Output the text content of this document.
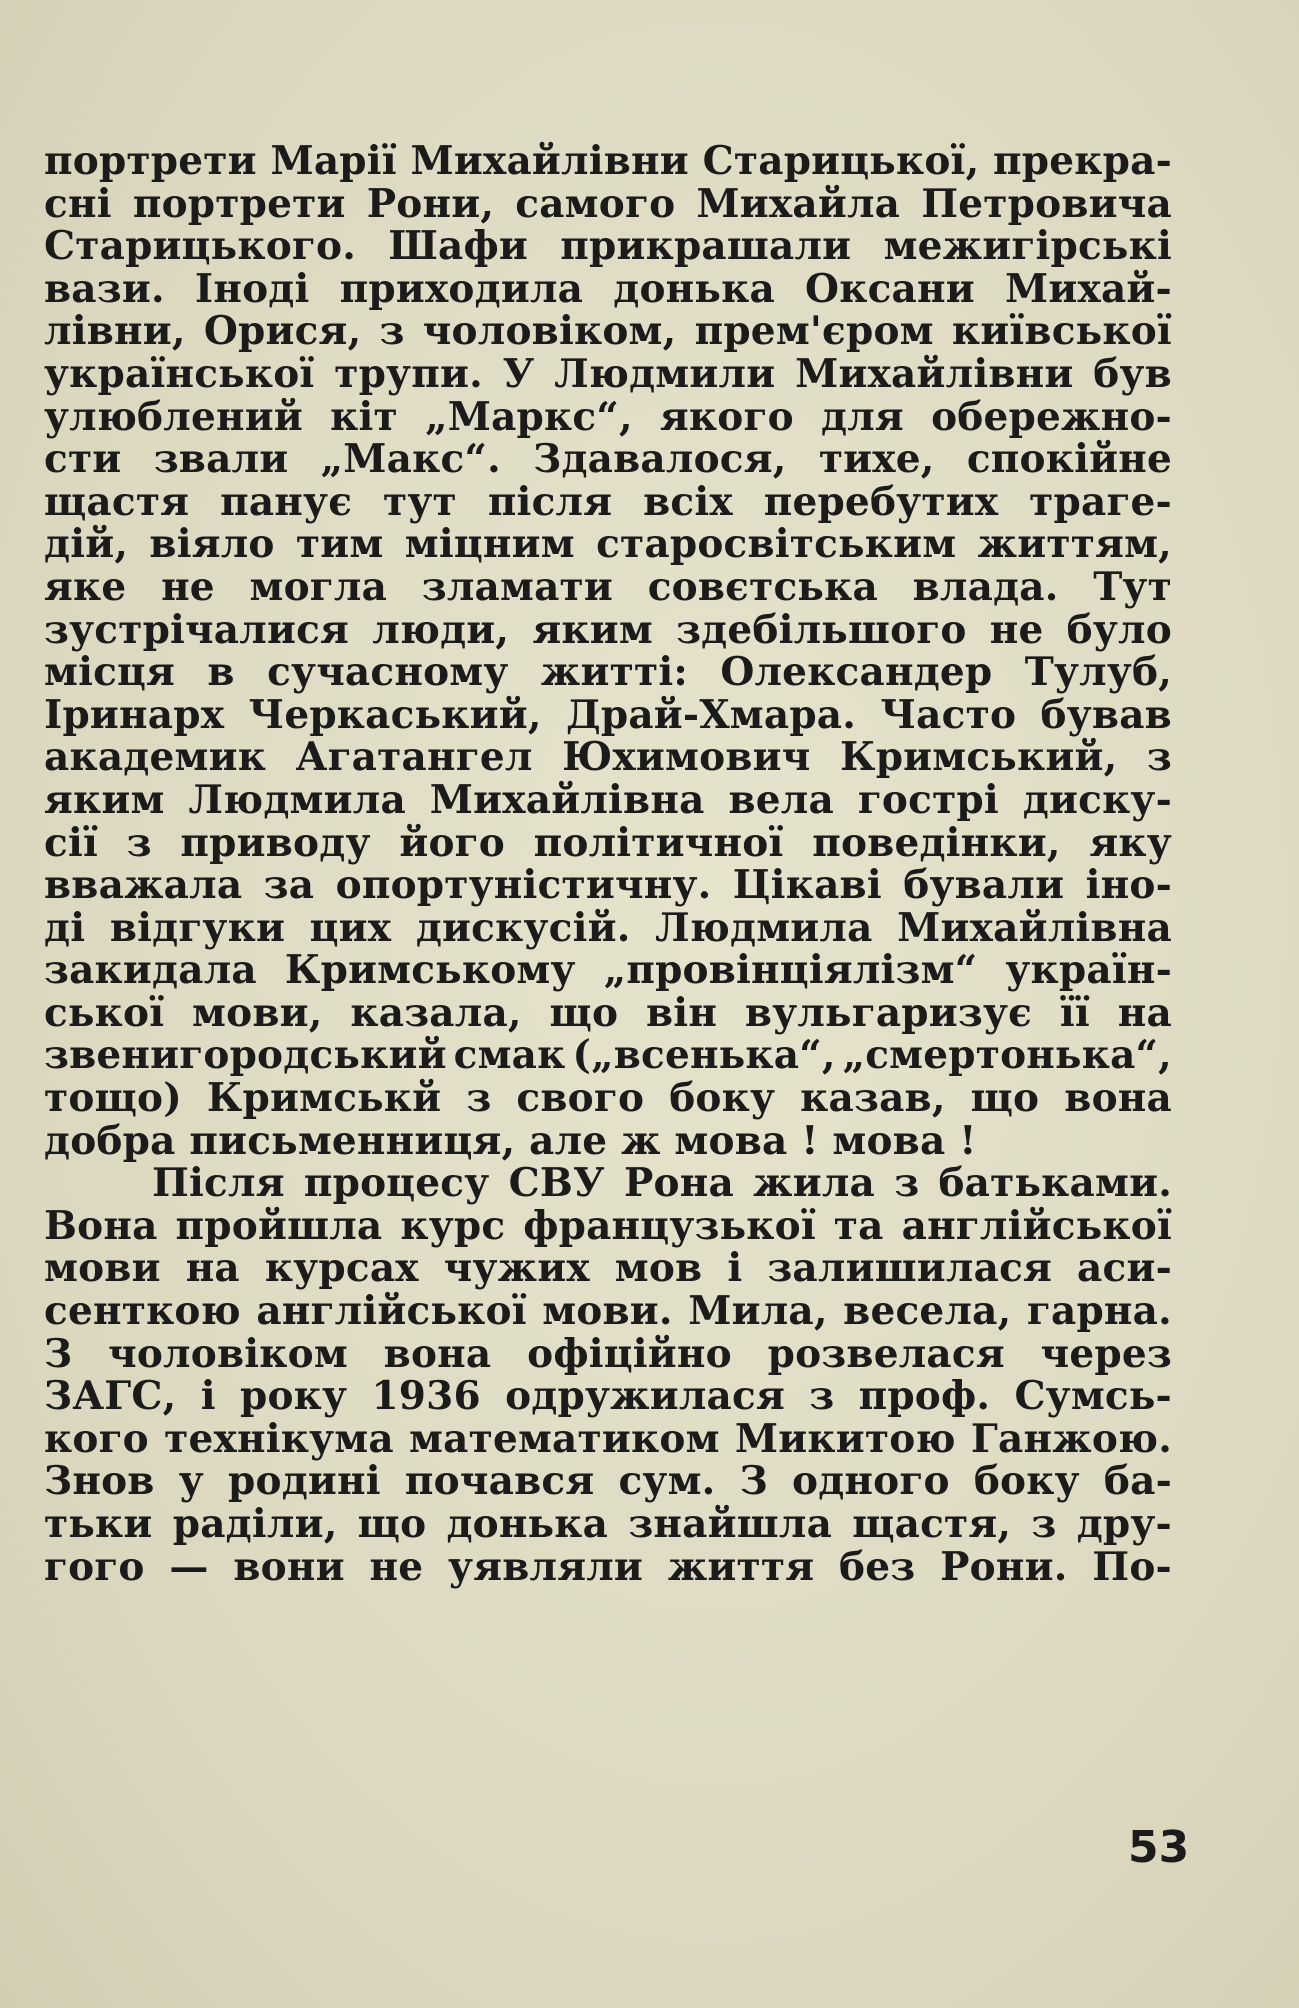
портрети Марії Михайлівни Старицької, прекра-
сні портрети Рони, самого Михайла Петровича
Старицького. Шафи прикрашали межигірські
вази. Іноді приходила донька Оксани Михай-
лівни, Орися, з чоловіком, прем'єром київської
української трупи. У Людмили Михайлівни був
улюблений кіт „Маркс“, якого для обережно-
сти звали „Макс“. Здавалося, тихе, спокійне
щастя панує тут після всіх перебутих траге-
дій, віяло тим міцним старосвітським життям,
яке не могла зламати совєтська влада. Тут
зустрічалися люди, яким здебільшого не було
місця в сучасному житті: Олександер Тулуб,
Іринарх Черкаський, Драй-Хмара. Часто бував
академик Агатангел Юхимович Кримський, з
яким Людмила Михайлівна вела гострі диску-
сії з приводу його політичної поведінки, яку
вважала за опортуністичну. Цікаві бували іно-
ді відгуки цих дискусій. Людмила Михайлівна
закидала Кримському „провінціялізм“ україн-
ської мови, казала, що він вульгаризує її на
звенигородський смак („всенька“, „смертонька“,
тощо) Кримськй з свого боку казав, що вона
добра письменниця, але ж мова ! мова !
Після процесу СВУ Рона жила з батьками.
Вона пройшла курс французької та англійської
мови на курсах чужих мов і залишилася аси-
сенткою англійської мови. Мила, весела, гарна.
З чоловіком вона офіційно розвелася через
ЗАГС, і року 1936 одружилася з проф. Сумсь-
кого технікума математиком Микитою Ганжою.
Знов у родині почався сум. З одного боку ба-
тьки раділи, що донька знайшла щастя, з дру-
гого — вони не уявляли життя без Рони. По-
53
